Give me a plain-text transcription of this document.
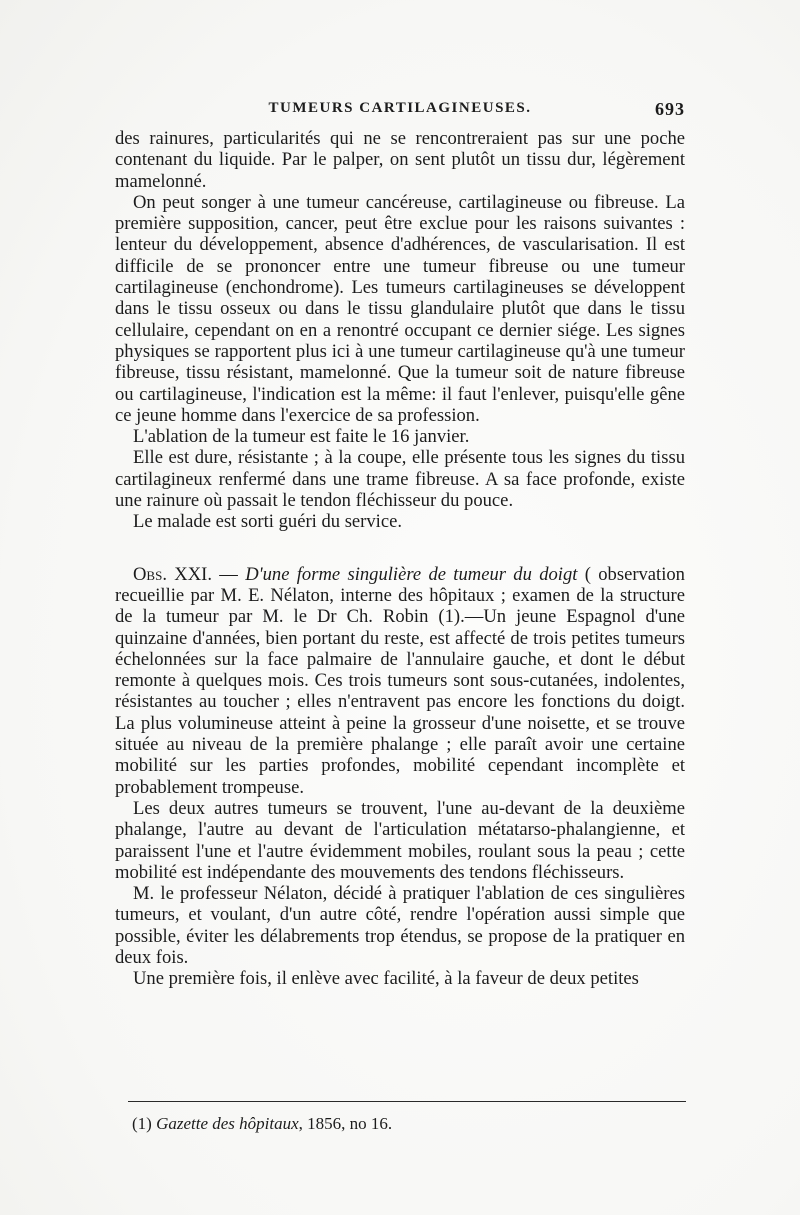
TUMEURS CARTILAGINEUSES.	693

des rainures, particularités qui ne se rencontreraient pas sur une poche contenant du liquide. Par le palper, on sent plutôt un tissu dur, légèrement mamelonné.

On peut songer à une tumeur cancéreuse, cartilagineuse ou fibreuse. La première supposition, cancer, peut être exclue pour les raisons suivantes : lenteur du développement, absence d'adhérences, de vascularisation. Il est difficile de se prononcer entre une tumeur fibreuse ou une tumeur cartilagineuse (enchondrome). Les tumeurs cartilagineuses se développent dans le tissu osseux ou dans le tissu glandulaire plutôt que dans le tissu cellulaire, cependant on en a renontré occupant ce dernier siége. Les signes physiques se rapportent plus ici à une tumeur cartilagineuse qu'à une tumeur fibreuse, tissu résistant, mamelonné. Que la tumeur soit de nature fibreuse ou cartilagineuse, l'indication est la même: il faut l'enlever, puisqu'elle gêne ce jeune homme dans l'exercice de sa profession.

L'ablation de la tumeur est faite le 16 janvier.

Elle est dure, résistante ; à la coupe, elle présente tous les signes du tissu cartilagineux renfermé dans une trame fibreuse. A sa face profonde, existe une rainure où passait le tendon fléchisseur du pouce.

Le malade est sorti guéri du service.

Obs. XXI. — D'une forme singulière de tumeur du doigt ( observation recueillie par M. E. Nélaton, interne des hôpitaux ; examen de la structure de la tumeur par M. le Dr Ch. Robin (1).—Un jeune Espagnol d'une quinzaine d'années, bien portant du reste, est affecté de trois petites tumeurs échelonnées sur la face palmaire de l'annulaire gauche, et dont le début remonte à quelques mois. Ces trois tumeurs sont sous-cutanées, indolentes, résistantes au toucher ; elles n'entravent pas encore les fonctions du doigt. La plus volumineuse atteint à peine la grosseur d'une noisette, et se trouve située au niveau de la première phalange ; elle paraît avoir une certaine mobilité sur les parties profondes, mobilité cependant incomplète et probablement trompeuse.

Les deux autres tumeurs se trouvent, l'une au-devant de la deuxième phalange, l'autre au devant de l'articulation métatarso-phalangienne, et paraissent l'une et l'autre évidemment mobiles, roulant sous la peau ; cette mobilité est indépendante des mouvements des tendons fléchisseurs.

M. le professeur Nélaton, décidé à pratiquer l'ablation de ces singulières tumeurs, et voulant, d'un autre côté, rendre l'opération aussi simple que possible, éviter les délabrements trop étendus, se propose de la pratiquer en deux fois.

Une première fois, il enlève avec facilité, à la faveur de deux petites

(1) Gazette des hôpitaux, 1856, no 16.
